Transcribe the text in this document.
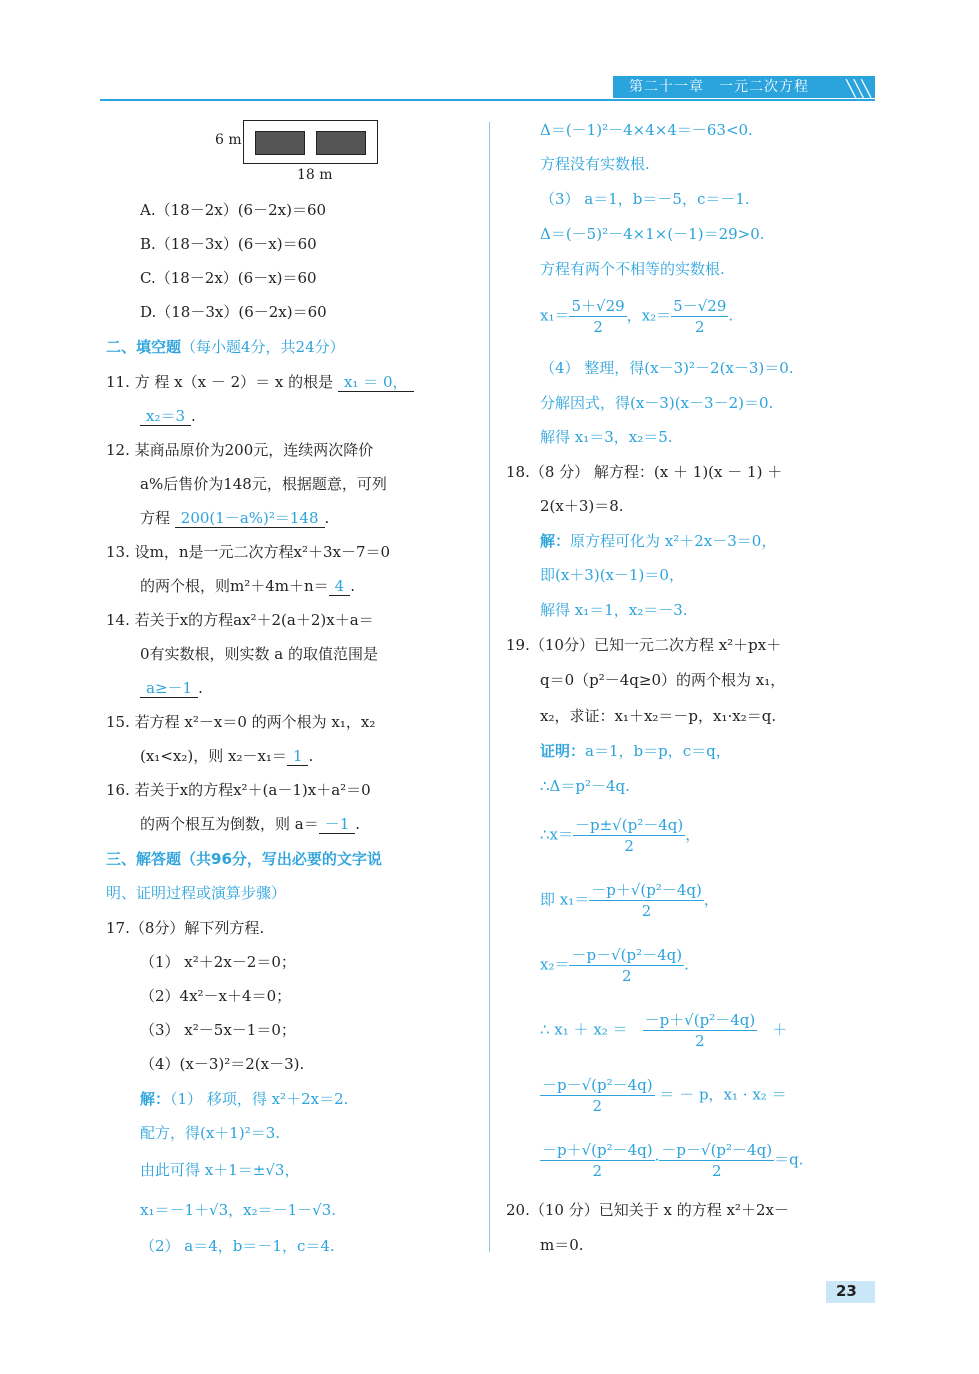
第二十一章　一元二次方程 ╲╲╲
6 m
18 m
A.（18－2x）(6－2x)＝60
B.（18－3x）(6－x)＝60
C.（18－2x）(6－x)＝60
D.（18－3x）(6－2x)＝60
二、填空题（每小题4分，共24分）
11. 方 程 x（x － 2）＝ x 的根是 x₁ ＝ 0，
x₂＝3 .
12. 某商品原价为200元，连续两次降价
a%后售价为148元，根据题意，可列
方程 200(1－a%)²＝148 .
13. 设m，n是一元二次方程x²＋3x－7＝0
的两个根，则m²＋4m＋n＝ 4 .
14. 若关于x的方程ax²＋2(a＋2)x＋a＝
0有实数根，则实数 a 的取值范围是
a≥－1 .
15. 若方程 x²－x＝0 的两个根为 x₁，x₂
(x₁<x₂)，则 x₂－x₁＝ 1 .
16. 若关于x的方程x²＋(a－1)x＋a²＝0
的两个根互为倒数，则 a＝ －1 .
三、解答题（共96分，写出必要的文字说
明、证明过程或演算步骤）
17.（8分）解下列方程.
（1） x²＋2x－2＝0；
（2）4x²－x＋4＝0；
（3） x²－5x－1＝0；
（4）(x－3)²＝2(x－3).
解：（1） 移项，得 x²＋2x＝2.
配方，得(x＋1)²＝3.
由此可得 x＋1＝±√3，
x₁＝－1＋√3，x₂＝－1－√3.
（2） a＝4，b＝－1，c＝4.
Δ＝(－1)²－4×4×4＝－63<0.
方程没有实数根.
（3） a＝1，b＝－5，c＝－1.
Δ＝(－5)²－4×1×(－1)＝29>0.
方程有两个不相等的实数根.
$x_1= \frac{5+√29}{2}$ ，$x_2= \frac{5-√29}{2}$ .
（4） 整理，得(x－3)²－2(x－3)＝0.
分解因式，得(x－3)(x－3－2)＝0.
解得 x₁＝3，x₂＝5.
18.（8 分） 解方程：(x ＋ 1)(x － 1) ＋
2(x＋3)＝8.
解：原方程可化为 x²＋2x－3＝0，
即(x＋3)(x－1)＝0，
解得 x₁＝1，x₂＝－3.
19.（10分）已知一元二次方程 x²＋px＋
q＝0（p²－4q≥0）的两个根为 x₁，
x₂，求证：x₁＋x₂＝－p，x₁·x₂＝q.
证明：a＝1，b＝p，c＝q，
∴Δ＝p²－4q.
∴x＝ $\frac{\text{－p±√(p²－4q)}}{2}$ ，
即 $x_1= \frac{\text{－p＋√(p²－4q)}}{2}$ ，
$x_2= \frac{\text{－p－√(p²－4q)}}{2}$ .
∴ x₁ ＋ x₂ ＝　 $\frac{\text{－p＋√(p²－4q)}}{2}$
　 ＋
$\frac{\text{－p－√(p²－4q)}}{2}$ ＝ － p，x₁ · x₂ ＝
$\frac{\text{－p＋√(p²－4q)}}{2} \cdot \frac{\text{－p－√(p²－4q)}}{2} =q$.
20.（10 分）已知关于 x 的方程 x²＋2x－
m＝0.
23
